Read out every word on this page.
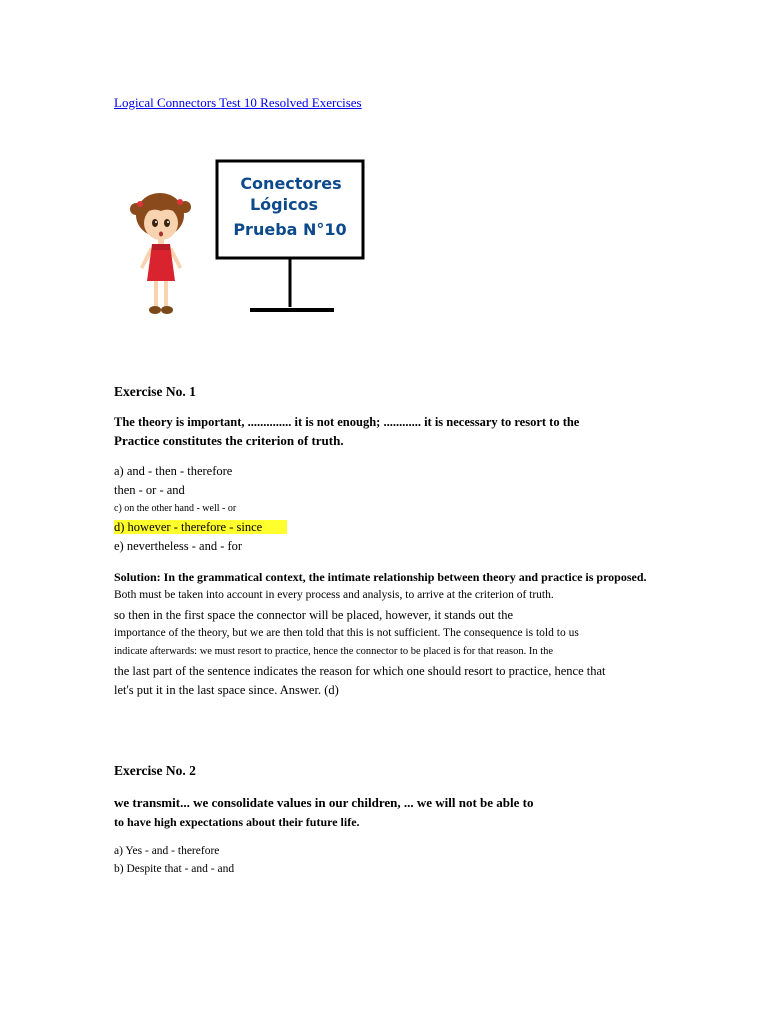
Logical Connectors Test 10 Resolved Exercises
Conectores
Lógicos
Prueba N°10
Exercise No. 1
The theory is important, .............. it is not enough; ............ it is necessary to resort to the
Practice constitutes the criterion of truth.
a) and - then - therefore
then - or - and
c) on the other hand - well - or
d) however - therefore - since
e) nevertheless - and - for
Solution: In the grammatical context, the intimate relationship between theory and practice is proposed.
Both must be taken into account in every process and analysis, to arrive at the criterion of truth.
so then in the first space the connector will be placed, however, it stands out the
importance of the theory, but we are then told that this is not sufficient. The consequence is told to us
indicate afterwards: we must resort to practice, hence the connector to be placed is for that reason. In the
the last part of the sentence indicates the reason for which one should resort to practice, hence that
let's put it in the last space since. Answer. (d)
Exercise No. 2
we transmit... we consolidate values in our children, ... we will not be able to
to have high expectations about their future life.
a) Yes - and - therefore
b) Despite that - and - and
